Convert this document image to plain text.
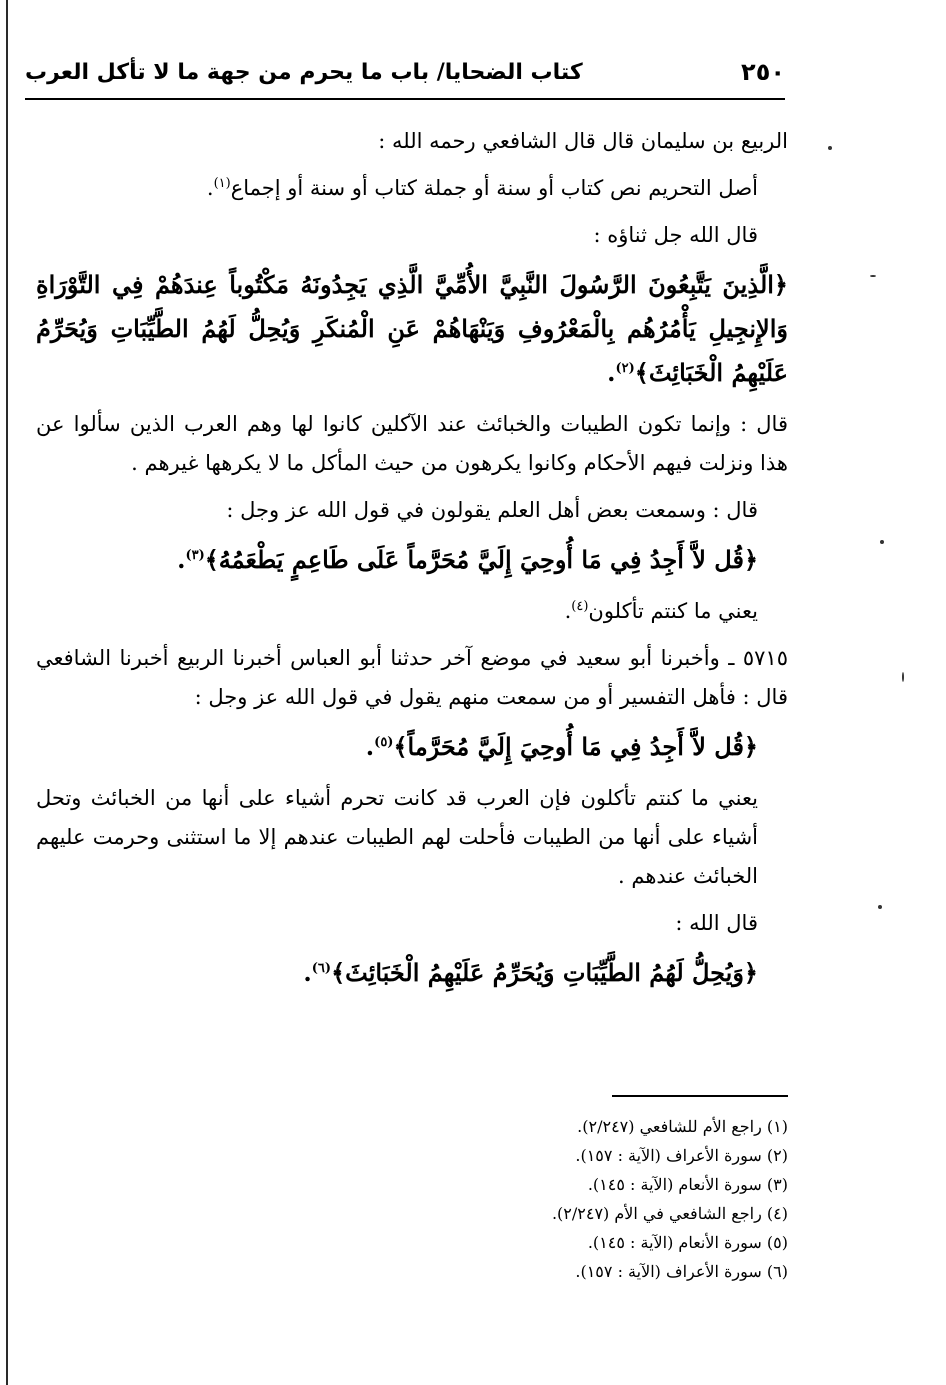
٢٥٠
كتاب الضحايا/ باب ما يحرم من جهة ما لا تأكل العرب

الربيع بن سليمان قال قال الشافعي رحمه الله :

أصل التحريم نص كتاب أو سنة أو جملة كتاب أو سنة أو إجماع$^{(١)}$.

قال الله جل ثناؤه :

﴿الَّذِينَ يَتَّبِعُونَ الرَّسُولَ النَّبِيَّ الأُمِّيَّ الَّذِي يَجِدُونَهُ مَكْتُوباً عِندَهُمْ فِي التَّوْرَاةِ وَالإِنجِيلِ يَأْمُرُهُم بِالْمَعْرُوفِ وَيَنْهَاهُمْ عَنِ الْمُنكَرِ وَيُحِلُّ لَهُمُ الطَّيِّبَاتِ وَيُحَرِّمُ عَلَيْهِمُ الْخَبَائِثَ﴾$^{(٢)}$.

قال : وإنما تكون الطيبات والخبائث عند الآكلين كانوا لها وهم العرب الذين سألوا عن هذا ونزلت فيهم الأحكام وكانوا يكرهون من حيث المأكل ما لا يكرهها غيرهم .

قال : وسمعت بعض أهل العلم يقولون في قول الله عز وجل :

﴿قُل لاَّ أَجِدُ فِي مَا أُوحِيَ إِلَيَّ مُحَرَّماً عَلَى طَاعِمٍ يَطْعَمُهُ﴾$^{(٣)}$.

يعني ما كنتم تأكلون$^{(٤)}$.

٥٧١٥ ـ وأخبرنا أبو سعيد في موضع آخر حدثنا أبو العباس أخبرنا الربيع أخبرنا الشافعي قال : فأهل التفسير أو من سمعت منهم يقول في قول الله عز وجل :

﴿قُل لاَّ أَجِدُ فِي مَا أُوحِيَ إِلَيَّ مُحَرَّماً﴾$^{(٥)}$.

يعني ما كنتم تأكلون فإن العرب قد كانت تحرم أشياء على أنها من الخبائث وتحل أشياء على أنها من الطيبات فأحلت لهم الطيبات عندهم إلا ما استثنى وحرمت عليهم الخبائث عندهم .

قال الله :

﴿وَيُحِلُّ لَهُمُ الطَّيِّبَاتِ وَيُحَرِّمُ عَلَيْهِمُ الْخَبَائِثَ﴾$^{(٦)}$.

(١) راجع الأم للشافعي (٢/٢٤٧).
(٢) سورة الأعراف (الآية : ١٥٧).
(٣) سورة الأنعام (الآية : ١٤٥).
(٤) راجع الشافعي في الأم (٢/٢٤٧).
(٥) سورة الأنعام (الآية : ١٤٥).
(٦) سورة الأعراف (الآية : ١٥٧).
